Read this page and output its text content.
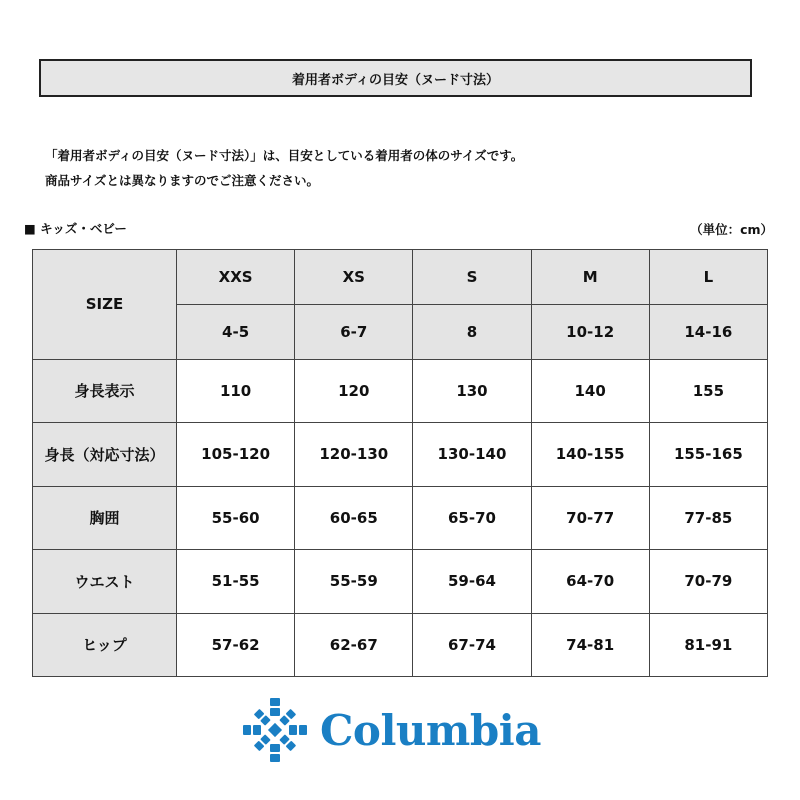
着用者ボディの目安（ヌード寸法）
「着用者ボディの目安（ヌード寸法）」は、目安としている着用者の体のサイズです。
商品サイズとは異なりますのでご注意ください。
■ キッズ・ベビー	（単位：cm）
SIZE	XXS	XS	S	M	L
	4-5	6-7	8	10-12	14-16
身長表示	110	120	130	140	155
身長（対応寸法）	105-120	120-130	130-140	140-155	155-165
胸囲	55-60	60-65	65-70	70-77	77-85
ウエスト	51-55	55-59	59-64	64-70	70-79
ヒップ	57-62	62-67	67-74	74-81	81-91
Columbia
